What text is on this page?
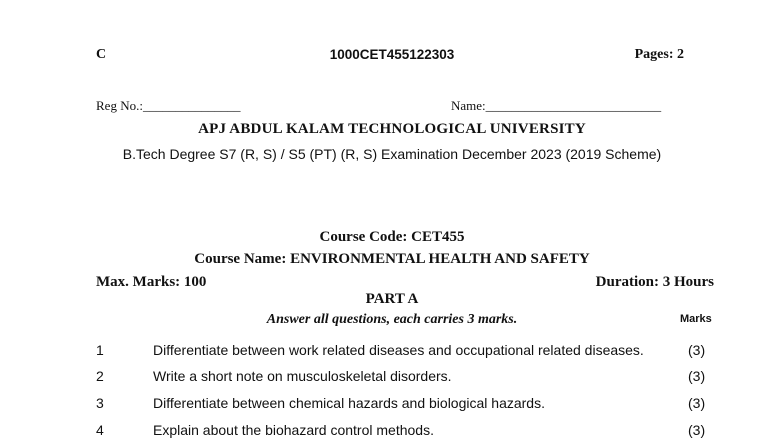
C	1000CET455122303	Pages: 2
Reg No.:_______________	Name:___________________________
APJ ABDUL KALAM TECHNOLOGICAL UNIVERSITY
B.Tech Degree S7 (R, S) / S5 (PT) (R, S) Examination December 2023 (2019 Scheme)
Course Code: CET455
Course Name: ENVIRONMENTAL HEALTH AND SAFETY
Max. Marks: 100	Duration: 3 Hours
PART A
Answer all questions, each carries 3 marks.	Marks
1	Differentiate between work related diseases and occupational related diseases.	(3)
2	Write a short note on musculoskeletal disorders.	(3)
3	Differentiate between chemical hazards and biological hazards.	(3)
4	Explain about the biohazard control methods.	(3)
